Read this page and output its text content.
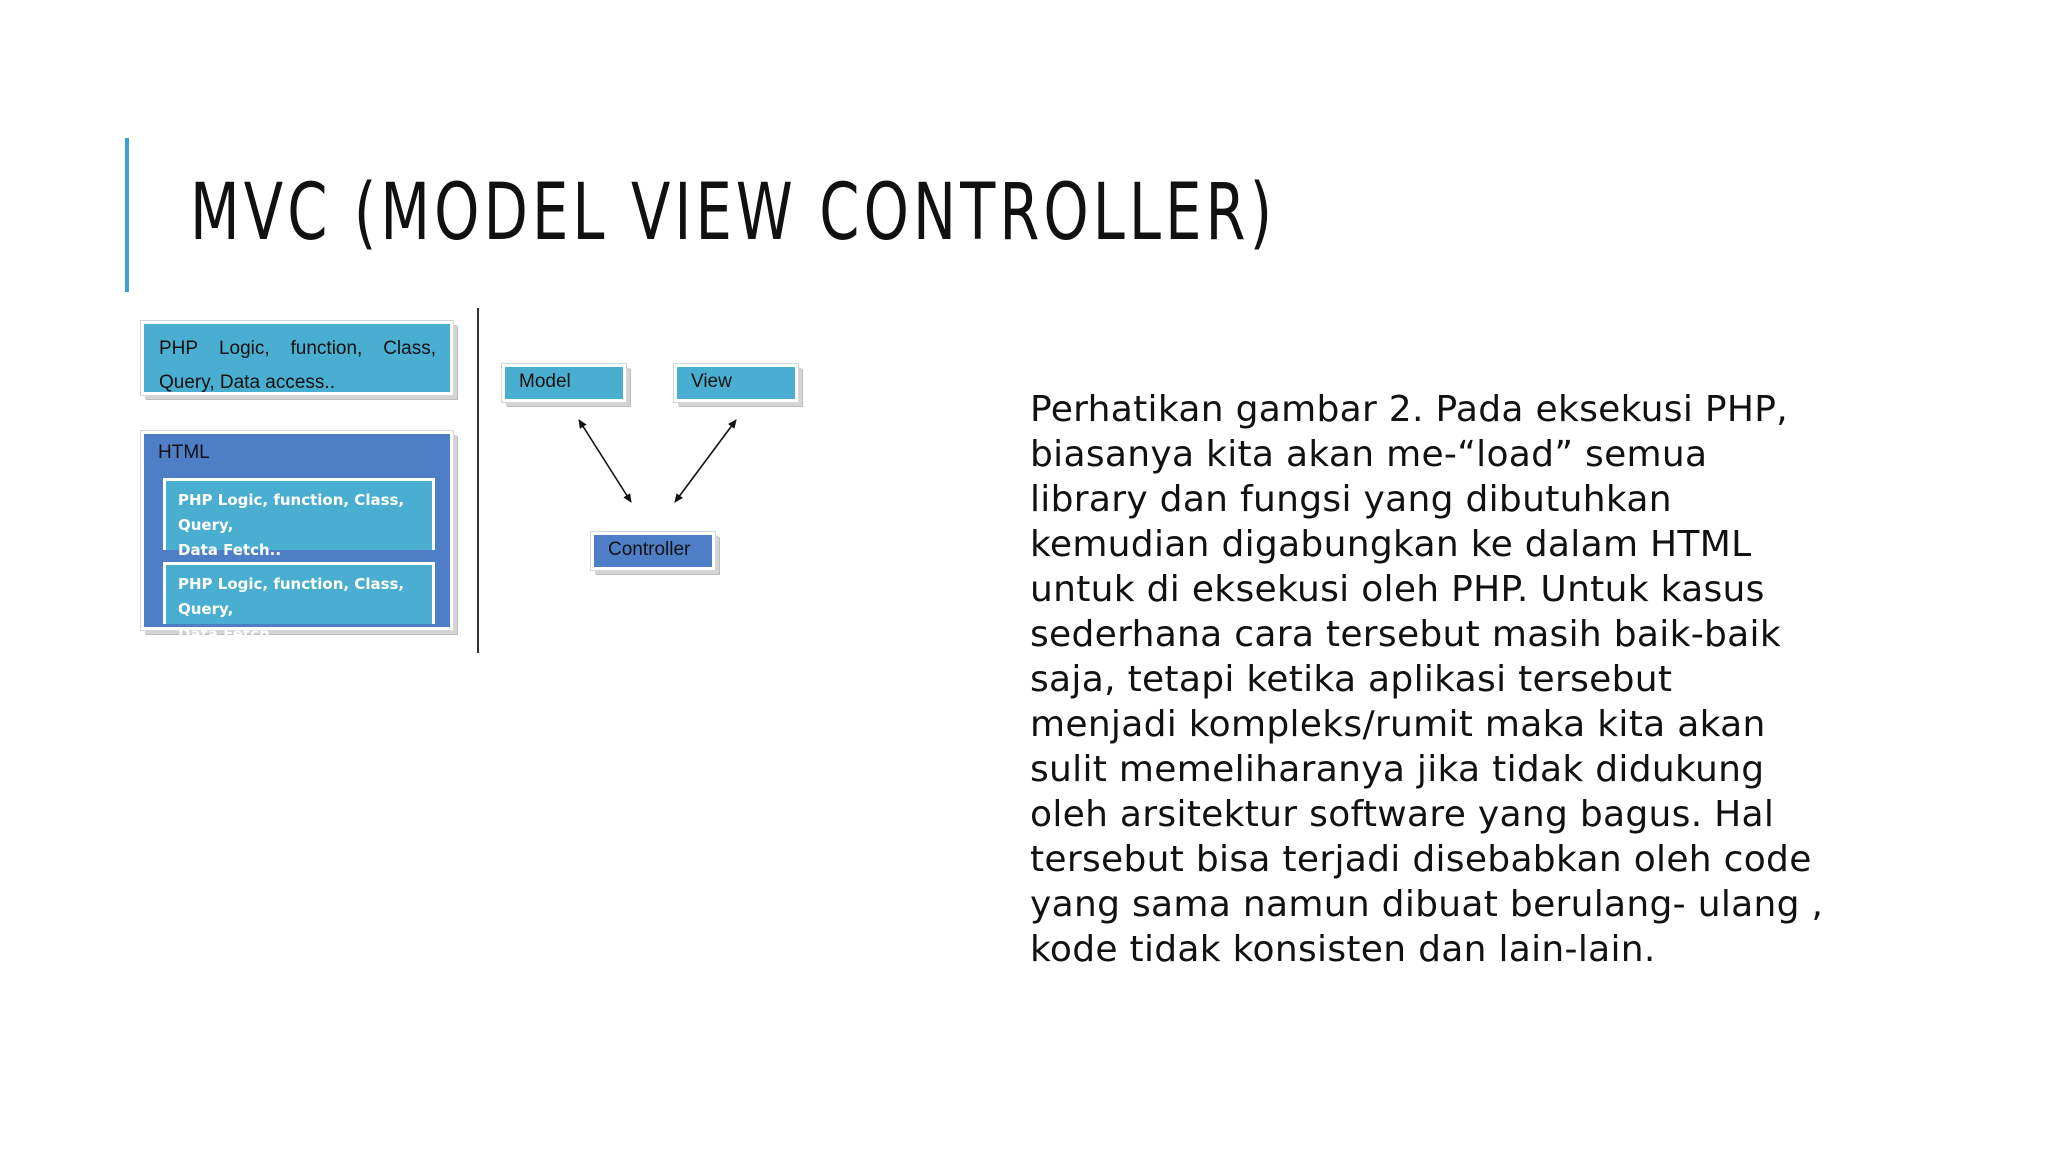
MVC (MODEL VIEW CONTROLLER)
PHP Logic, function, Class,
Query, Data access..
HTML
PHP Logic, function, Class, Query,
Data Fetch..
PHP Logic, function, Class, Query,
Data Fetch..
Model	View
Controller
Perhatikan gambar 2. Pada eksekusi PHP, biasanya kita akan me-“load” semua library dan fungsi yang dibutuhkan kemudian digabungkan ke dalam HTML untuk di eksekusi oleh PHP. Untuk kasus sederhana cara tersebut masih baik-baik saja, tetapi ketika aplikasi tersebut menjadi kompleks/rumit maka kita akan sulit memeliharanya jika tidak didukung oleh arsitektur software yang bagus. Hal tersebut bisa terjadi disebabkan oleh code yang sama namun dibuat berulang- ulang , kode tidak konsisten dan lain-lain.
